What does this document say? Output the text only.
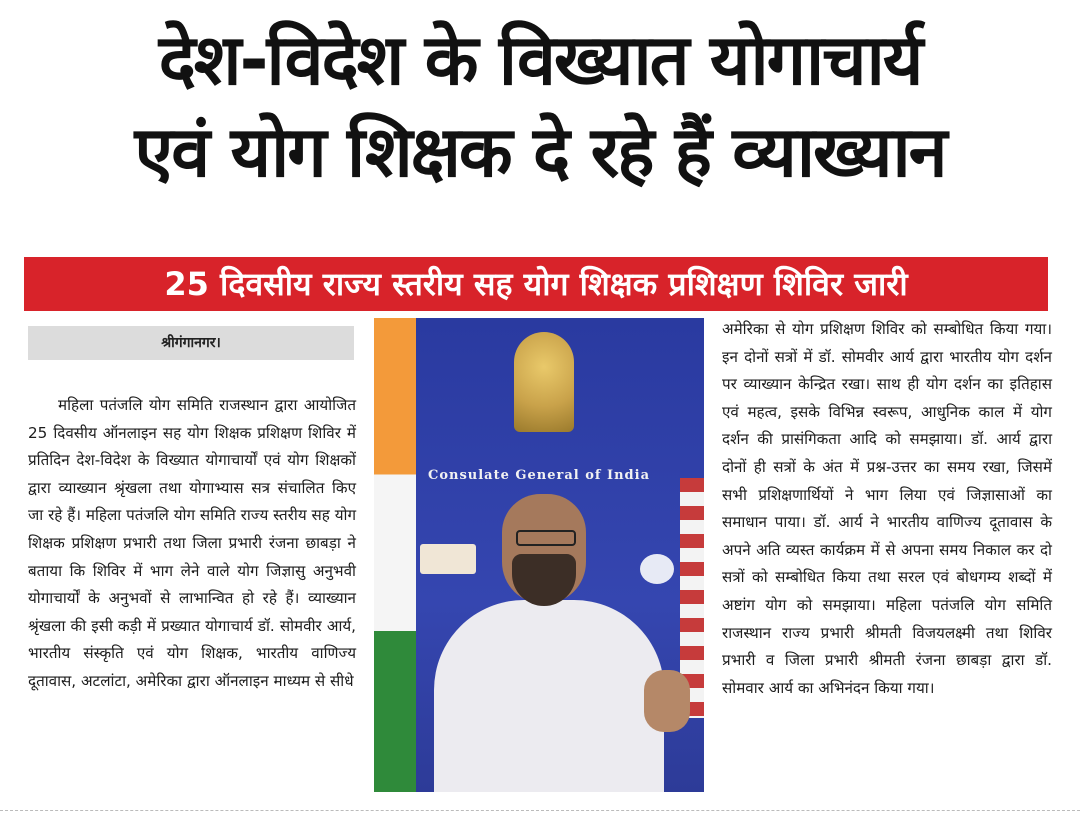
देश-विदेश के विख्यात योगाचार्य
एवं योग शिक्षक दे रहे हैं व्याख्यान
25 दिवसीय राज्य स्तरीय सह योग शिक्षक प्रशिक्षण शिविर जारी
श्रीगंगानगर।
महिला पतंजलि योग समिति राजस्थान द्वारा आयोजित 25 दिवसीय ऑनलाइन सह योग शिक्षक प्रशिक्षण शिविर में प्रतिदिन देश-विदेश के विख्यात योगाचार्यों एवं योग शिक्षकों द्वारा व्याख्यान श्रृंखला तथा योगाभ्यास सत्र संचालित किए जा रहे हैं। महिला पतंजलि योग समिति राज्य स्तरीय सह योग शिक्षक प्रशिक्षण प्रभारी तथा जिला प्रभारी रंजना छाबड़ा ने बताया कि शिविर में भाग लेने वाले योग जिज्ञासु अनुभवी योगाचार्यों के अनुभवों से लाभान्वित हो रहे हैं। व्याख्यान श्रृंखला की इसी कड़ी में प्रख्यात योगाचार्य डॉ. सोमवीर आर्य, भारतीय संस्कृति एवं योग शिक्षक, भारतीय वाणिज्य दूतावास, अटलांटा, अमेरिका द्वारा ऑनलाइन माध्यम से सीधे
Consulate General of India
अमेरिका से योग प्रशिक्षण शिविर को सम्बोधित किया गया। इन दोनों सत्रों में डॉ. सोमवीर आर्य द्वारा भारतीय योग दर्शन पर व्याख्यान केन्द्रित रखा। साथ ही योग दर्शन का इतिहास एवं महत्व, इसके विभिन्न स्वरूप, आधुनिक काल में योग दर्शन की प्रासंगिकता आदि को समझाया। डॉ. आर्य द्वारा दोनों ही सत्रों के अंत में प्रश्न-उत्तर का समय रखा, जिसमें सभी प्रशिक्षणार्थियों ने भाग लिया एवं जिज्ञासाओं का समाधान पाया। डॉ. आर्य ने भारतीय वाणिज्य दूतावास के अपने अति व्यस्त कार्यक्रम में से अपना समय निकाल कर दो सत्रों को सम्बोधित किया तथा सरल एवं बोधगम्य शब्दों में अष्टांग योग को समझाया। महिला पतंजलि योग समिति राजस्थान राज्य प्रभारी श्रीमती विजयलक्ष्मी तथा शिविर प्रभारी व जिला प्रभारी श्रीमती रंजना छाबड़ा द्वारा डॉ. सोमवार आर्य का अभिनंदन किया गया।
